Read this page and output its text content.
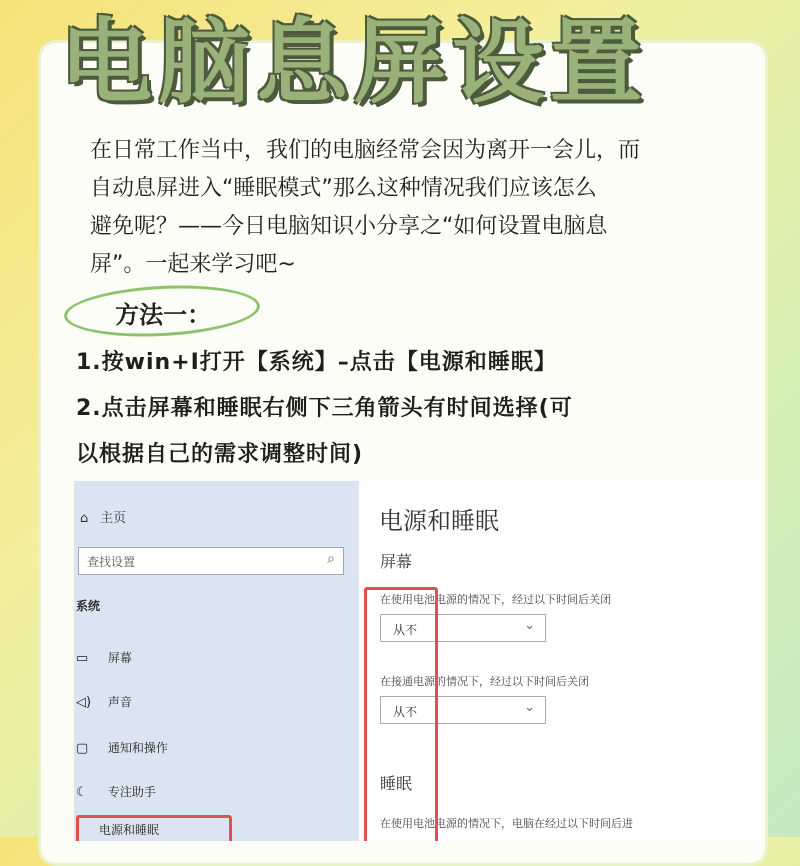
电脑息屏设置
在日常工作当中，我们的电脑经常会因为离开一会儿，而
自动息屏进入“睡眠模式”那么这种情况我们应该怎么
避免呢？——今日电脑知识小分享之“如何设置电脑息
屏”。一起来学习吧~
方法一：
1.按win+I打开【系统】–点击【电源和睡眠】
2.点击屏幕和睡眠右侧下三角箭头有时间选择(可
以根据自己的需求调整时间)
⌂ 主页
查找设置	⌕
系统
▭ 屏幕
◁) 声音
▢ 通知和操作
☾ 专注助手
电源和睡眠
电源和睡眠
屏幕
在使用电池电源的情况下，经过以下时间后关闭
从不	⌄
在接通电源的情况下，经过以下时间后关闭
从不	⌄
睡眠
在使用电池电源的情况下，电脑在经过以下时间后进
